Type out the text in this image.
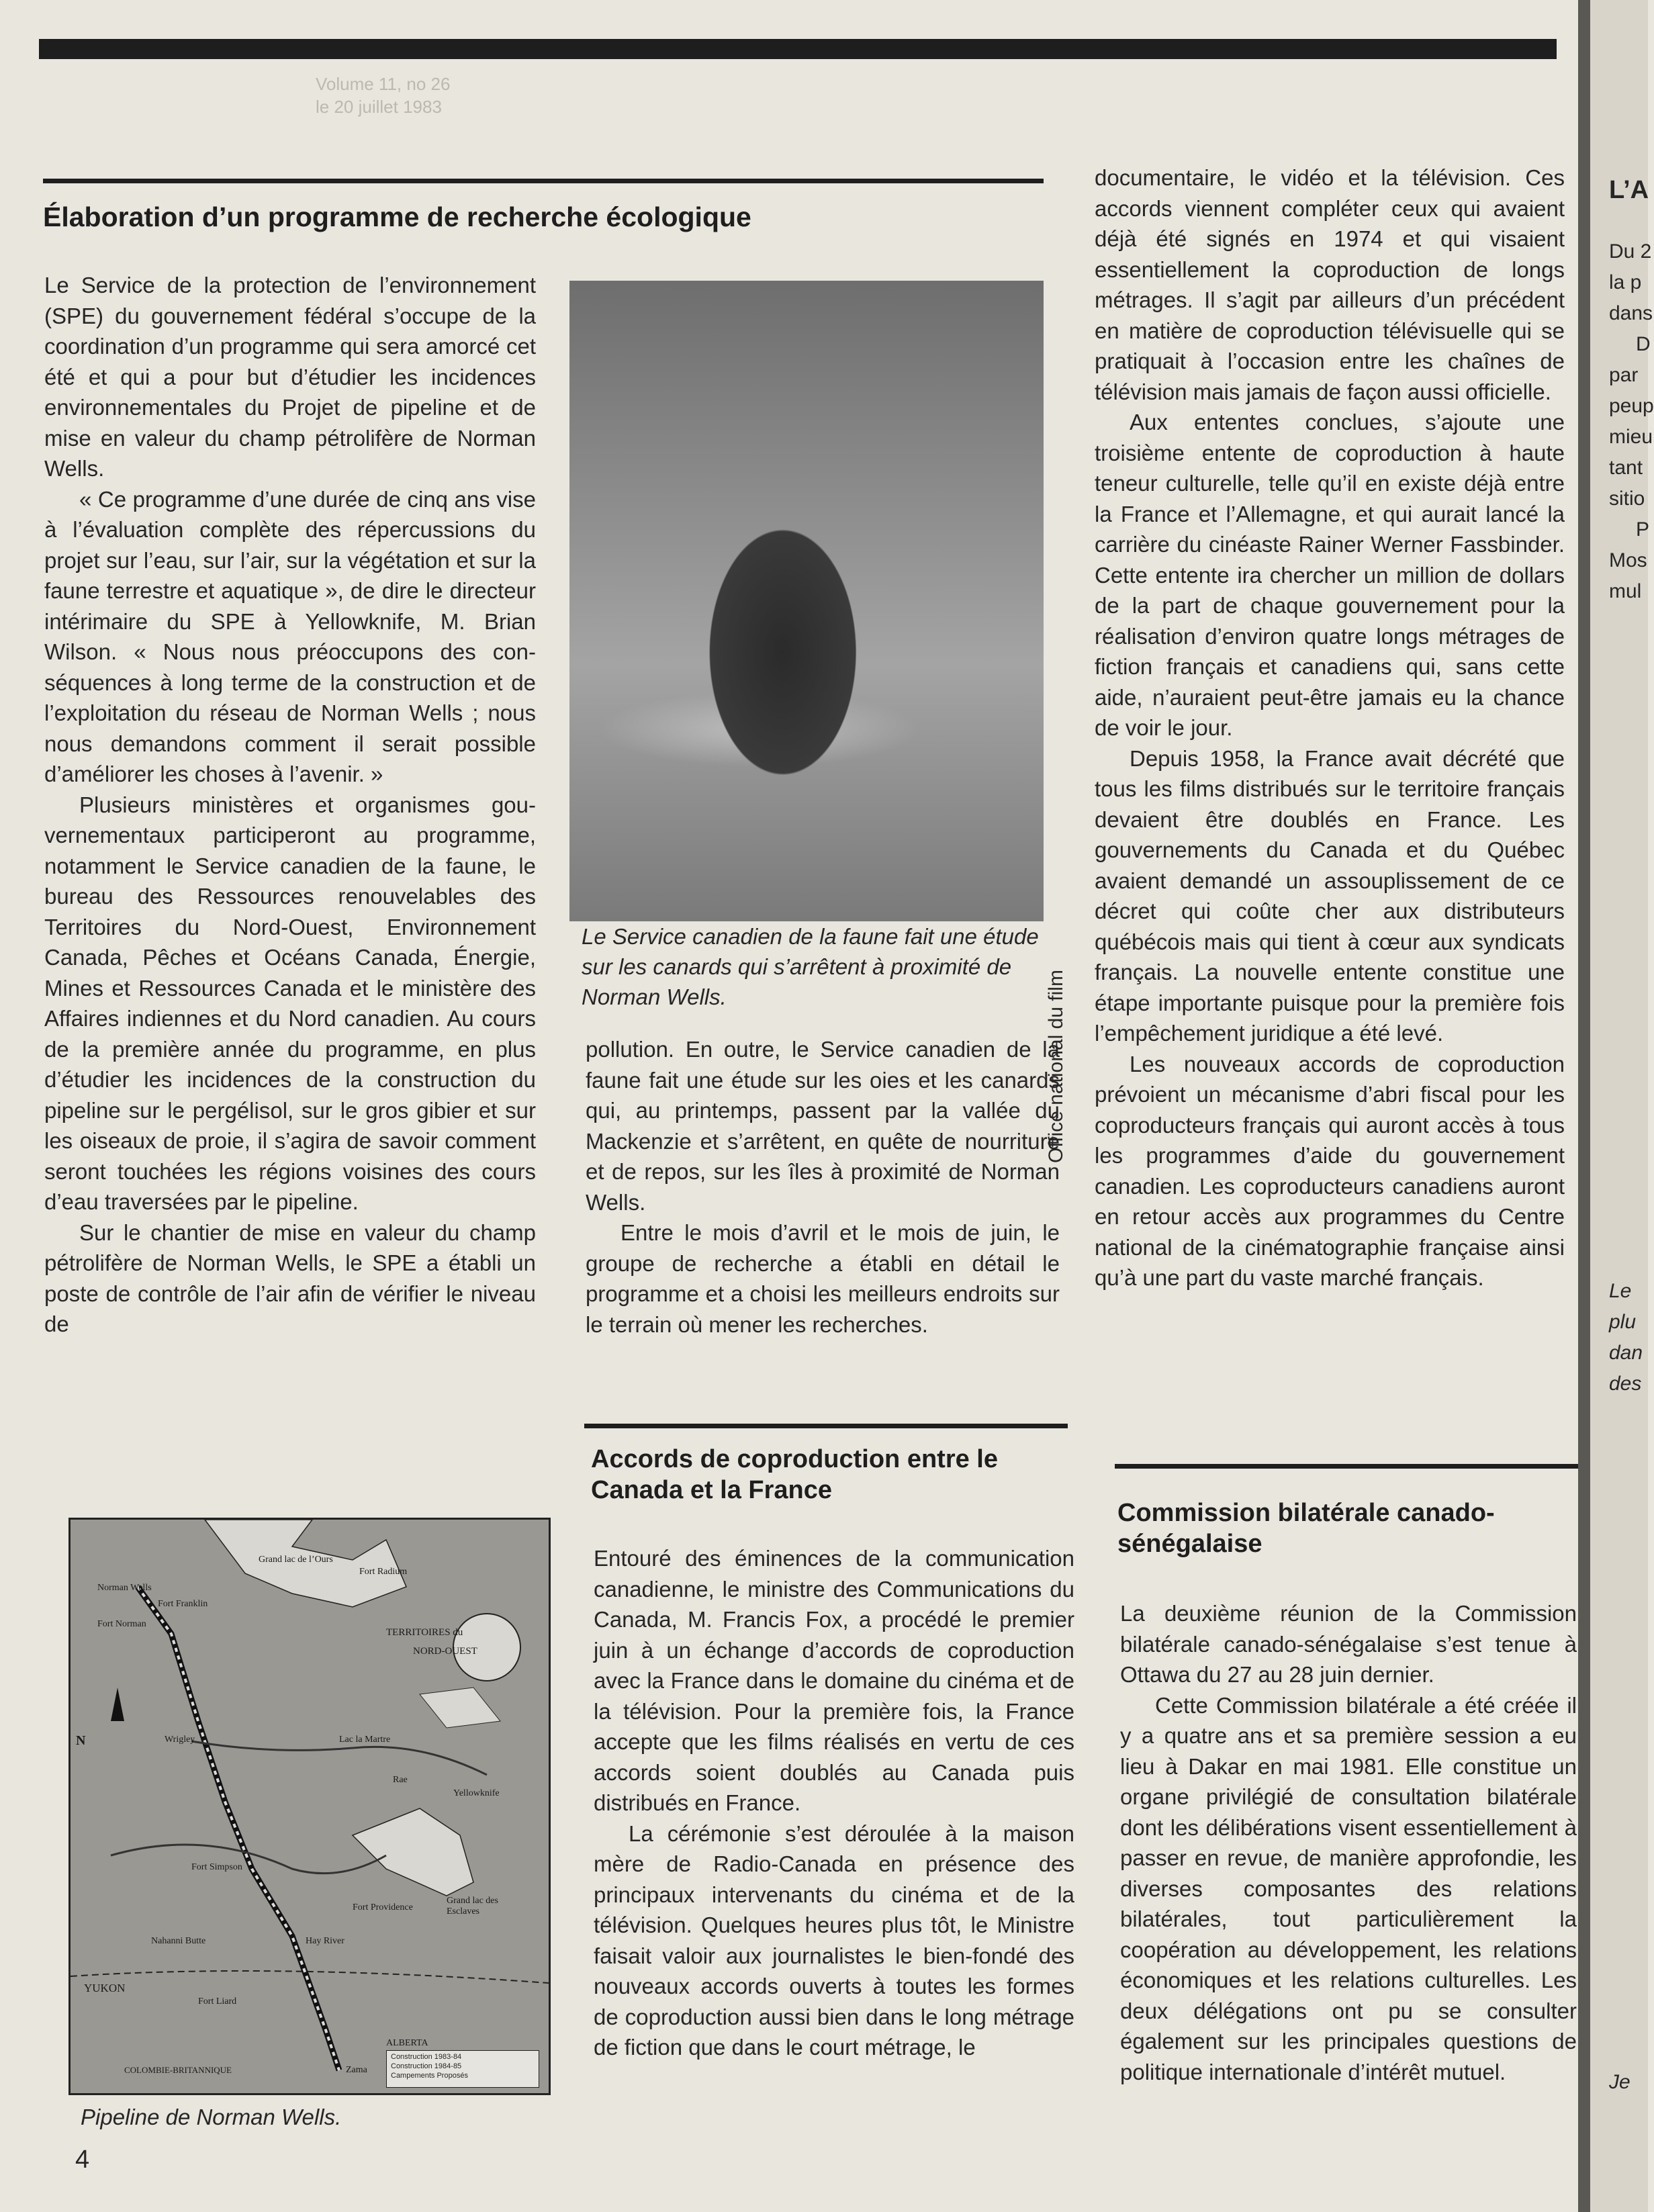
Volume 11, no 26
le 20 juillet 1983
Élaboration d’un programme de recherche écologique

Le Service de la protection de l’environnement (SPE) du gouvernement fédéral s’occupe de la coordination d’un programme qui sera amorcé cet été et qui a pour but d’étudier les incidences environnementales du Projet de pipeline et de mise en valeur du champ pétrolifère de Norman Wells.

« Ce programme d’une durée de cinq ans vise à l’évaluation complète des répercussions du projet sur l’eau, sur l’air, sur la végétation et sur la faune terrestre et aquatique », de dire le directeur intérimaire du SPE à Yellowknife, M. Brian Wilson. « Nous nous préoccupons des conséquences à long terme de la construction et de l’exploitation du réseau de Norman Wells ; nous nous demandons comment il serait possible d’améliorer les choses à l’avenir. »

Plusieurs ministères et organismes gouvernementaux participeront au programme, notamment le Service canadien de la faune, le bureau des Ressources renouvelables des Territoires du Nord-Ouest, Environnement Canada, Pêches et Océans Canada, Énergie, Mines et Ressources Canada et le ministère des Affaires indiennes et du Nord canadien. Au cours de la première année du programme, en plus d’étudier les incidences de la construction du pipeline sur le pergélisol, sur le gros gibier et sur les oiseaux de proie, il s’agira de savoir comment seront touchées les régions voisines des cours d’eau traversées par le pipeline.

Sur le chantier de mise en valeur du champ pétrolifère de Norman Wells, le SPE a établi un poste de contrôle de l’air afin de vérifier le niveau de

Office national du film
Le Service canadien de la faune fait une étude sur les canards qui s’arrêtent à proximité de Norman Wells.

pollution. En outre, le Service canadien de la faune fait une étude sur les oies et les canards qui, au printemps, passent par la vallée du Mackenzie et s’arrêtent, en quête de nourriture et de repos, sur les îles à proximité de Norman Wells.

Entre le mois d’avril et le mois de juin, le groupe de recherche a établi en détail le programme et a choisi les meilleurs endroits sur le terrain où mener les recherches.

Grand lac de l’Ours
Fort Radium
Norman Wells
Fort Franklin
Fort Norman
TERRITOIRES du
NORD-OUEST
Wrigley	Lac la Martre
Rae
Yellowknife
Fort Simpson
Grand lac des Esclaves
Fort Providence
Hay River
Nahanni Butte
Fort Liard
YUKON
COLOMBIE-BRITANNIQUE
ALBERTA
Zama
N
Construction 1983-84
Construction 1984-85
Campements Proposés
Pipeline de Norman Wells.
Accords de coproduction entre le Canada et la France

Entouré des éminences de la communication canadienne, le ministre des Communications du Canada, M. Francis Fox, a procédé le premier juin à un échange d’accords de coproduction avec la France dans le domaine du cinéma et de la télévision. Pour la première fois, la France accepte que les films réalisés en vertu de ces accords soient doublés au Canada puis distribués en France.

La cérémonie s’est déroulée à la maison mère de Radio-Canada en présence des principaux intervenants du cinéma et de la télévision. Quelques heures plus tôt, le Ministre faisait valoir aux journalistes le bien-fondé des nouveaux accords ouverts à toutes les formes de coproduction aussi bien dans le long métrage de fiction que dans le court métrage, le

documentaire, le vidéo et la télévision. Ces accords viennent compléter ceux qui avaient déjà été signés en 1974 et qui visaient essentiellement la coproduction de longs métrages. Il s’agit par ailleurs d’un précédent en matière de coproduction télévisuelle qui se pratiquait à l’occasion entre les chaînes de télévision mais jamais de façon aussi officielle.

Aux ententes conclues, s’ajoute une troisième entente de coproduction à haute teneur culturelle, telle qu’il en existe déjà entre la France et l’Allemagne, et qui aurait lancé la carrière du cinéaste Rainer Werner Fassbinder. Cette entente ira chercher un million de dollars de la part de chaque gouvernement pour la réalisation d’environ quatre longs métrages de fiction français et canadiens qui, sans cette aide, n’auraient peut-être jamais eu la chance de voir le jour.

Depuis 1958, la France avait décrété que tous les films distribués sur le territoire français devaient être doublés en France. Les gouvernements du Canada et du Québec avaient demandé un assouplissement de ce décret qui coûte cher aux distributeurs québécois mais qui tient à cœur aux syndicats français. La nouvelle entente constitue une étape importante puisque pour la première fois l’empêchement juridique a été levé.

Les nouveaux accords de coproduction prévoient un mécanisme d’abri fiscal pour les coproducteurs français qui auront accès à tous les programmes d’aide du gouvernement canadien. Les coproducteurs canadiens auront en retour accès aux programmes du Centre national de la cinématographie française ainsi qu’à une part du vaste marché français.

Commission bilatérale canado-sénégalaise

La deuxième réunion de la Commission bilatérale canado-sénégalaise s’est tenue à Ottawa du 27 au 28 juin dernier.

Cette Commission bilatérale a été créée il y a quatre ans et sa première session a eu lieu à Dakar en mai 1981. Elle constitue un organe privilégié de consultation bilatérale dont les délibérations visent essentiellement à passer en revue, de manière approfondie, les diverses composantes des relations bilatérales, tout particulièrement la coopération au développement, les relations économiques et les relations culturelles. Les deux délégations ont pu se consulter également sur les principales questions de politique internationale d’intérêt mutuel.

4
L’A
Du 2
la p
dans
D
par
peup
mieu
tant
sitio
P
Mos
mul
Le
plu
dan
des
Je
